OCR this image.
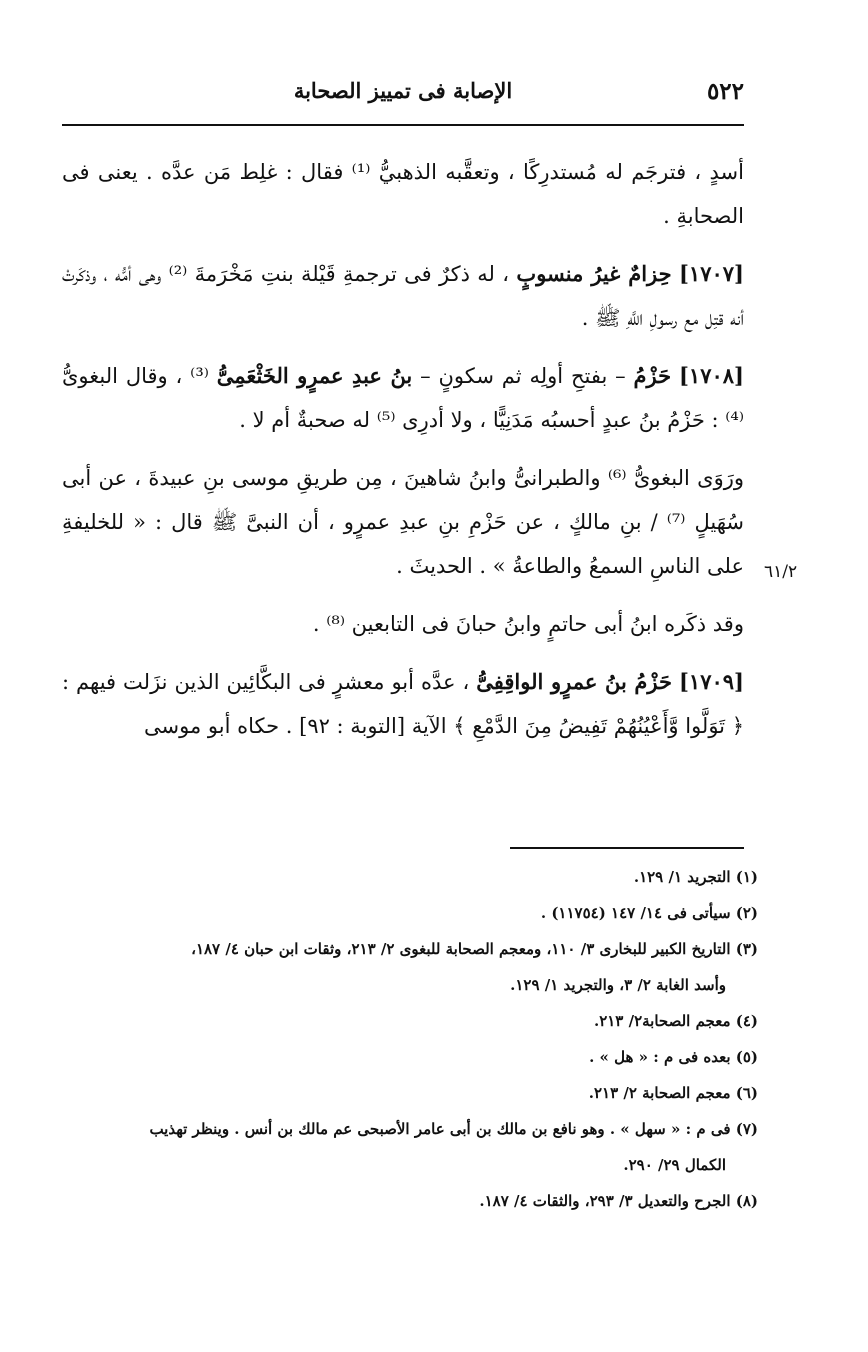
٥٢٢
الإصابة فى تمييز الصحابة
٦١/٢

أسدٍ ، فترجَم له مُستدرِكًا ، وتعقَّبه الذهبيُّ ⁽¹⁾ فقال : غلِط مَن عدَّه . يعنى فى الصحابةِ .

[١٧٠٧] حِزامٌ غيرُ منسوبٍ ، له ذكرٌ فى ترجمةِ قَيْلة بنتِ مَخْرَمةَ ⁽²⁾ وهى أمُّه ، وذكَرتْ أنه قتِل مع رسولِ اللَّهِ ﷺ .

[١٧٠٨] حَزْمُ – بفتحِ أولِه ثم سكونٍ – بنُ عبدِ عمرٍو الخَثْعَمِىُّ ⁽³⁾ ، وقال البغوىُّ ⁽⁴⁾ : حَزْمُ بنُ عبدٍ أحسبُه مَدَنِيًّا ، ولا أدرِى ⁽⁵⁾ له صحبةٌ أم لا .

ورَوَى البغوىُّ ⁽⁶⁾ والطبرانىُّ وابنُ شاهينَ ، مِن طريقِ موسى بنِ عبيدةَ ، عن أبى سُهَيلٍ ⁽⁷⁾ / بنِ مالكٍ ، عن حَزْمِ بنِ عبدِ عمرٍو ، أن النبىَّ ﷺ قال : « للخليفةِ على الناسِ السمعُ والطاعةُ » . الحديثَ .

وقد ذكَره ابنُ أبى حاتمٍ وابنُ حبانَ فى التابعين ⁽⁸⁾ .

[١٧٠٩] حَزْمُ بنُ عمرٍو الواقِفِىُّ ، عدَّه أبو معشرٍ فى البكَّائِين الذين نزَلت فيهم : ﴿ تَوَلَّوا وَّأَعْيُنُهُمْ تَفِيضُ مِنَ الدَّمْعِ ﴾ الآية [التوبة : ٩٢] . حكاه أبو موسى

(١) التجريد ١/ ١٢٩.
(٢) سيأتى فى ١٤/ ١٤٧ (١١٧٥٤) .
(٣) التاريخ الكبير للبخارى ٣/ ١١٠، ومعجم الصحابة للبغوى ٢/ ٢١٣، وثقات ابن حبان ٤/ ١٨٧،
وأسد الغابة ٢/ ٣، والتجريد ١/ ١٢٩.
(٤) معجم الصحابة٢/ ٢١٣.
(٥) بعده فى م : « هل » .
(٦) معجم الصحابة ٢/ ٢١٣.
(٧) فى م : « سهل » . وهو نافع بن مالك بن أبى عامر الأصبحى عم مالك بن أنس . وينظر تهذيب
الكمال ٢٩/ ٢٩٠.
(٨) الجرح والتعديل ٣/ ٢٩٣، والثقات ٤/ ١٨٧.
